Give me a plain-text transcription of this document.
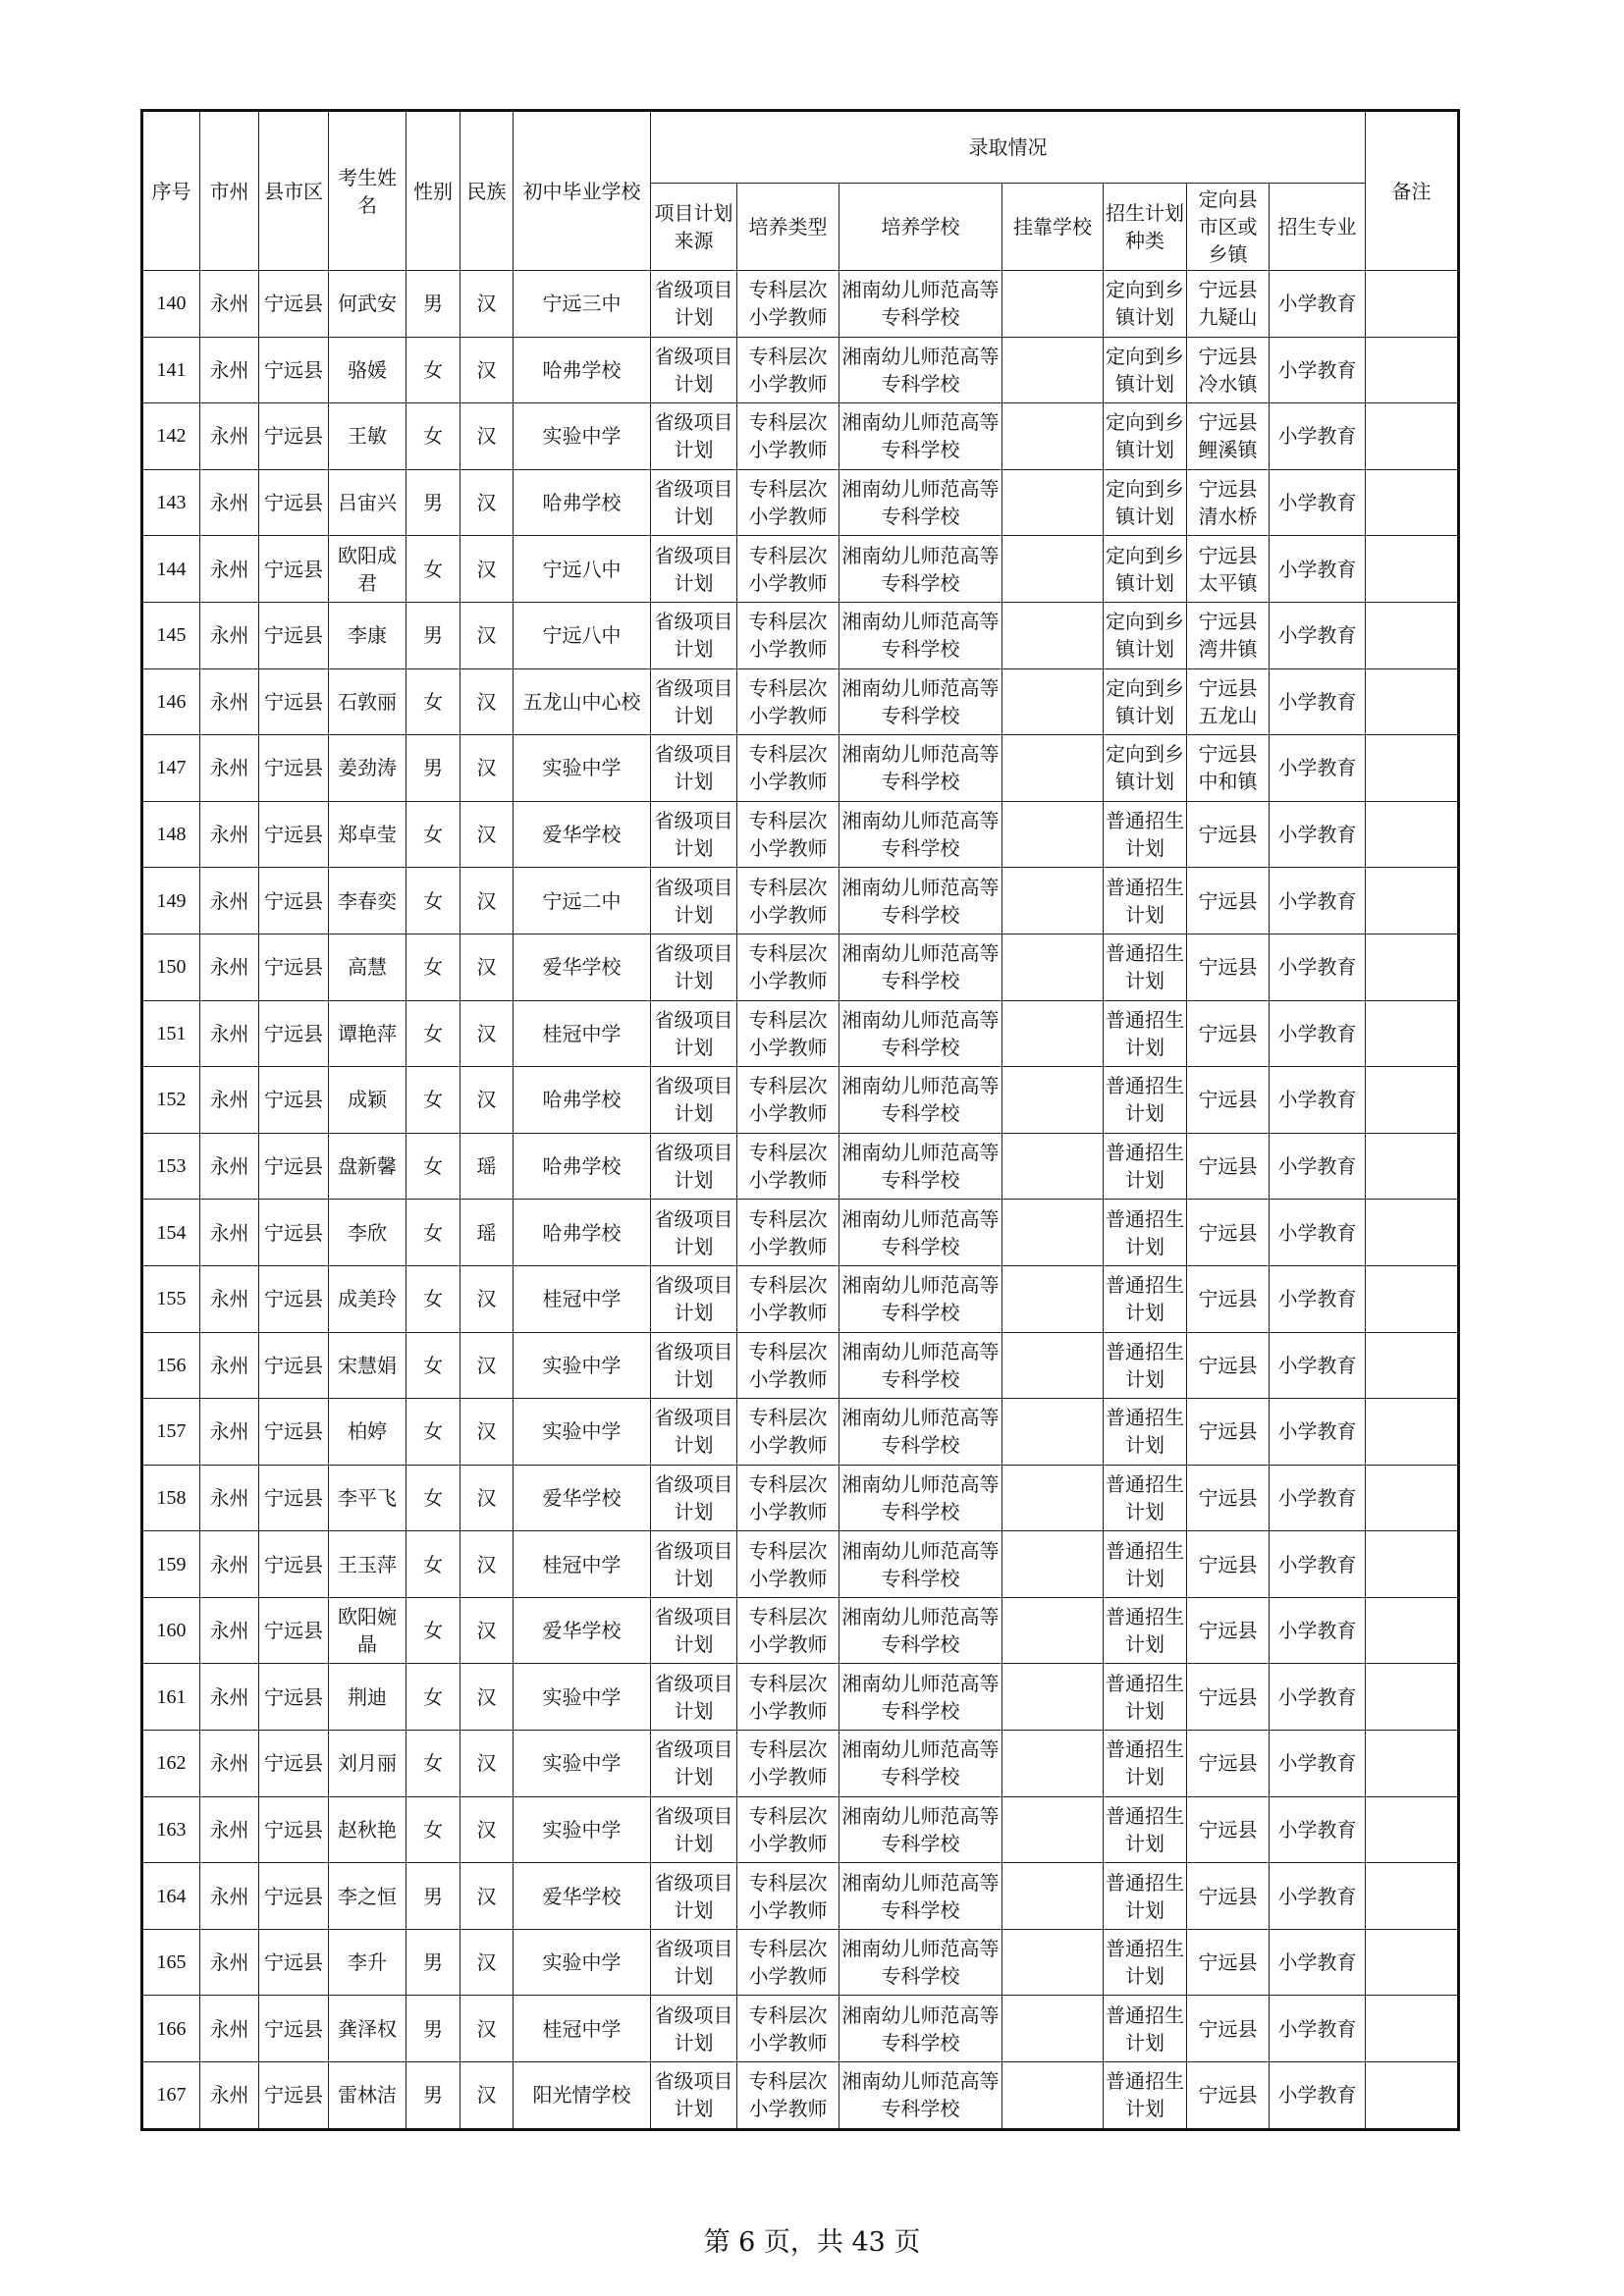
序号	市州	县市区	考生姓名	性别	民族	初中毕业学校	录取情况							备注
							项目计划来源	培养类型	培养学校	挂靠学校	招生计划种类	定向县市区或乡镇	招生专业	

140	永州	宁远县	何武安	男	汉	宁远三中	省级项目计划	专科层次小学教师	湘南幼儿师范高等专科学校		定向到乡镇计划	宁远县九疑山	小学教育	

141	永州	宁远县	骆媛	女	汉	哈弗学校	省级项目计划	专科层次小学教师	湘南幼儿师范高等专科学校		定向到乡镇计划	宁远县冷水镇	小学教育	

142	永州	宁远县	王敏	女	汉	实验中学	省级项目计划	专科层次小学教师	湘南幼儿师范高等专科学校		定向到乡镇计划	宁远县鲤溪镇	小学教育	

143	永州	宁远县	吕宙兴	男	汉	哈弗学校	省级项目计划	专科层次小学教师	湘南幼儿师范高等专科学校		定向到乡镇计划	宁远县清水桥	小学教育	

144	永州	宁远县	欧阳成君	女	汉	宁远八中	省级项目计划	专科层次小学教师	湘南幼儿师范高等专科学校		定向到乡镇计划	宁远县太平镇	小学教育	

145	永州	宁远县	李康	男	汉	宁远八中	省级项目计划	专科层次小学教师	湘南幼儿师范高等专科学校		定向到乡镇计划	宁远县湾井镇	小学教育	

146	永州	宁远县	石敦丽	女	汉	五龙山中心校	省级项目计划	专科层次小学教师	湘南幼儿师范高等专科学校		定向到乡镇计划	宁远县五龙山	小学教育	

147	永州	宁远县	姜劲涛	男	汉	实验中学	省级项目计划	专科层次小学教师	湘南幼儿师范高等专科学校		定向到乡镇计划	宁远县中和镇	小学教育	

148	永州	宁远县	郑卓莹	女	汉	爱华学校	省级项目计划	专科层次小学教师	湘南幼儿师范高等专科学校		普通招生计划	宁远县	小学教育	

149	永州	宁远县	李春奕	女	汉	宁远二中	省级项目计划	专科层次小学教师	湘南幼儿师范高等专科学校		普通招生计划	宁远县	小学教育	

150	永州	宁远县	高慧	女	汉	爱华学校	省级项目计划	专科层次小学教师	湘南幼儿师范高等专科学校		普通招生计划	宁远县	小学教育	

151	永州	宁远县	谭艳萍	女	汉	桂冠中学	省级项目计划	专科层次小学教师	湘南幼儿师范高等专科学校		普通招生计划	宁远县	小学教育	

152	永州	宁远县	成颖	女	汉	哈弗学校	省级项目计划	专科层次小学教师	湘南幼儿师范高等专科学校		普通招生计划	宁远县	小学教育	

153	永州	宁远县	盘新馨	女	瑶	哈弗学校	省级项目计划	专科层次小学教师	湘南幼儿师范高等专科学校		普通招生计划	宁远县	小学教育	

154	永州	宁远县	李欣	女	瑶	哈弗学校	省级项目计划	专科层次小学教师	湘南幼儿师范高等专科学校		普通招生计划	宁远县	小学教育	

155	永州	宁远县	成美玲	女	汉	桂冠中学	省级项目计划	专科层次小学教师	湘南幼儿师范高等专科学校		普通招生计划	宁远县	小学教育	

156	永州	宁远县	宋慧娟	女	汉	实验中学	省级项目计划	专科层次小学教师	湘南幼儿师范高等专科学校		普通招生计划	宁远县	小学教育	

157	永州	宁远县	柏婷	女	汉	实验中学	省级项目计划	专科层次小学教师	湘南幼儿师范高等专科学校		普通招生计划	宁远县	小学教育	

158	永州	宁远县	李平飞	女	汉	爱华学校	省级项目计划	专科层次小学教师	湘南幼儿师范高等专科学校		普通招生计划	宁远县	小学教育	

159	永州	宁远县	王玉萍	女	汉	桂冠中学	省级项目计划	专科层次小学教师	湘南幼儿师范高等专科学校		普通招生计划	宁远县	小学教育	

160	永州	宁远县	欧阳婉晶	女	汉	爱华学校	省级项目计划	专科层次小学教师	湘南幼儿师范高等专科学校		普通招生计划	宁远县	小学教育	

161	永州	宁远县	荆迪	女	汉	实验中学	省级项目计划	专科层次小学教师	湘南幼儿师范高等专科学校		普通招生计划	宁远县	小学教育	

162	永州	宁远县	刘月丽	女	汉	实验中学	省级项目计划	专科层次小学教师	湘南幼儿师范高等专科学校		普通招生计划	宁远县	小学教育	

163	永州	宁远县	赵秋艳	女	汉	实验中学	省级项目计划	专科层次小学教师	湘南幼儿师范高等专科学校		普通招生计划	宁远县	小学教育	

164	永州	宁远县	李之恒	男	汉	爱华学校	省级项目计划	专科层次小学教师	湘南幼儿师范高等专科学校		普通招生计划	宁远县	小学教育	

165	永州	宁远县	李升	男	汉	实验中学	省级项目计划	专科层次小学教师	湘南幼儿师范高等专科学校		普通招生计划	宁远县	小学教育	

166	永州	宁远县	龚泽权	男	汉	桂冠中学	省级项目计划	专科层次小学教师	湘南幼儿师范高等专科学校		普通招生计划	宁远县	小学教育	

167	永州	宁远县	雷林洁	男	汉	阳光情学校	省级项目计划	专科层次小学教师	湘南幼儿师范高等专科学校		普通招生计划	宁远县	小学教育	

第 6 页，共 43 页
